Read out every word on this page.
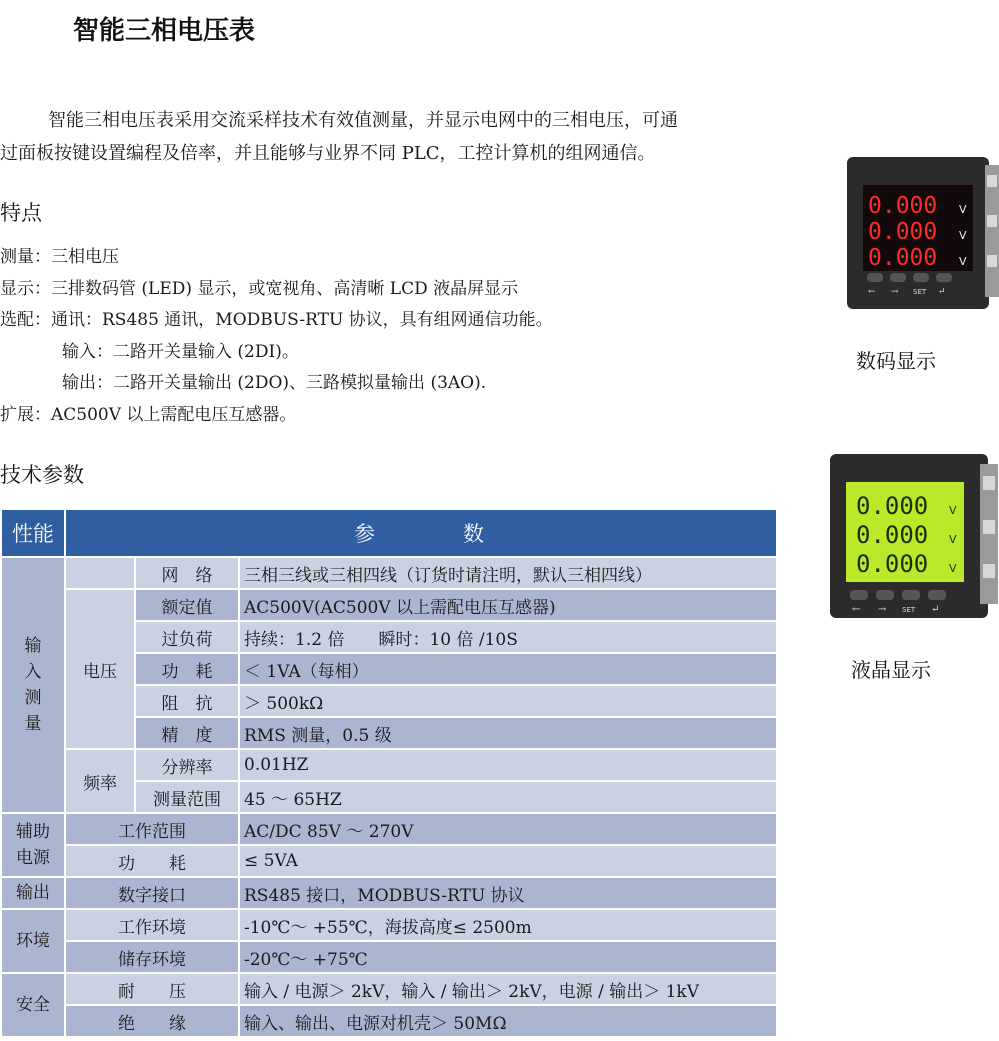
智能三相电压表

智能三相电压表采用交流采样技术有效值测量，并显示电网中的三相电压，可通

过面板按键设置编程及倍率，并且能够与业界不同 PLC，工控计算机的组网通信。

特点
测量：三相电压
显示：三排数码管 (LED) 显示，或宽视角、高清晰 LCD 液晶屏显示
选配：通讯：RS485 通讯，MODBUS-RTU 协议，具有组网通信功能。
输入：二路开关量输入 (2DI)。
输出：二路开关量输出 (2DO)、三路模拟量输出 (3AO).
扩展：AC500V 以上需配电压互感器。
技术参数
性能	参数		
输入测量		网　络	三相三线或三相四线（订货时请注明，默认三相四线）
	电压	额定值	AC500V(AC500V 以上需配电压互感器)
		过负荷	持续：1.2 倍　　瞬时：10 倍 /10S
		功　耗	＜ 1VA（每相）
		阻　抗	＞ 500kΩ
		精　度	RMS 测量，0.5 级
	频率	分辨率	0.01HZ
		测量范围	45 ～ 65HZ
辅助电源	工作范围		AC/DC 85V ～ 270V
	功　　耗		≤ 5VA
输出	数字接口		RS485 接口，MODBUS-RTU 协议
环境	工作环境		-10℃～ +55℃，海拔高度≤ 2500m
	储存环境		-20℃～ +75℃
安全	耐　　压		输入 / 电源＞ 2kV，输入 / 输出＞ 2kV，电源 / 输出＞ 1kV
	绝　　缘		输入、输出、电源对机壳＞ 50MΩ
0.000
0.000
0.000
V
V
V
← → SET ↵
数码显示
0.000
0.000
0.000
V
V
V
← → SET ↵
液晶显示
